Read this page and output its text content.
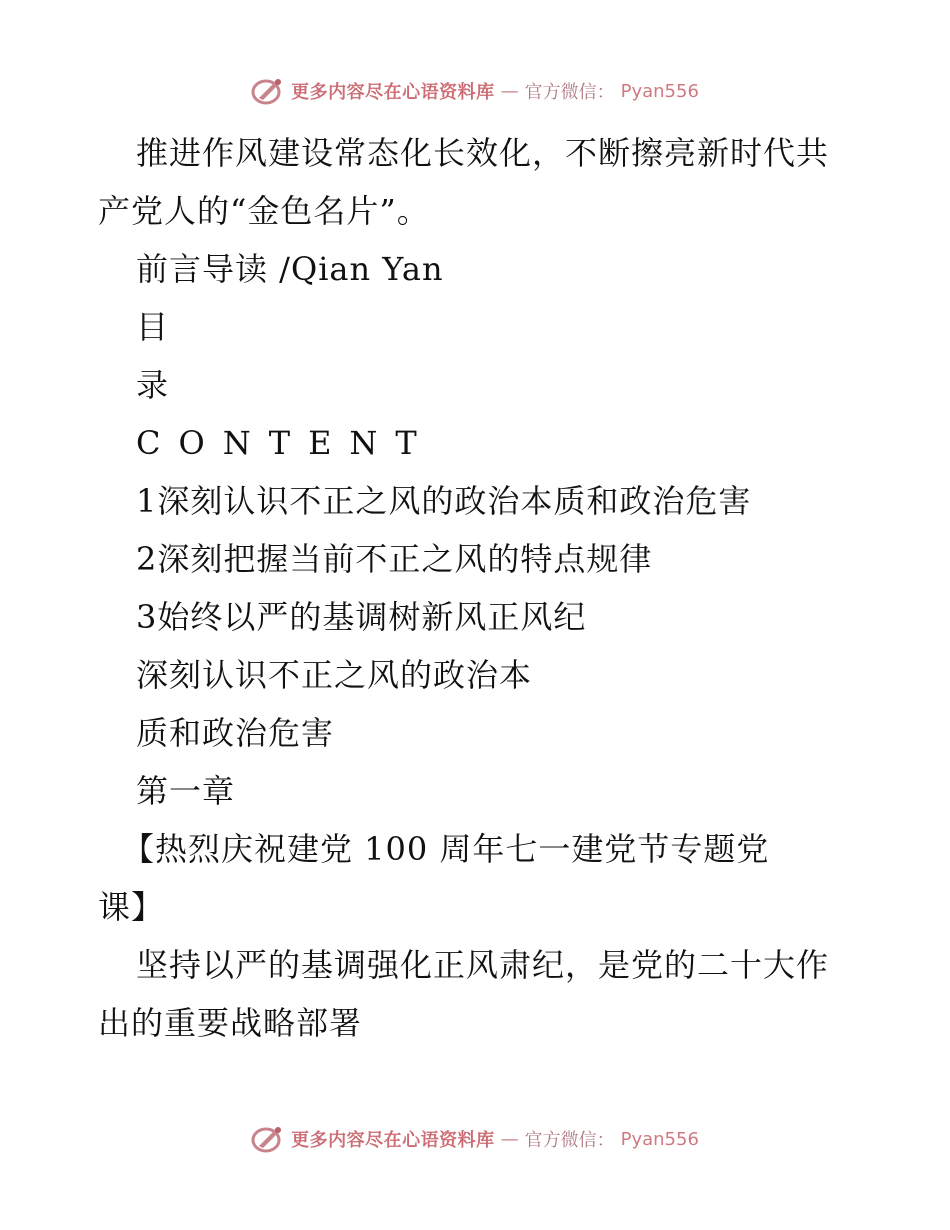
更多内容尽在心语资料库 — 官方微信： Pyan556
推进作风建设常态化长效化，不断擦亮新时代共
产党人的“金色名片”。
前言导读 /Qian Yan
目
录
CONTENT
1深刻认识不正之风的政治本质和政治危害
2深刻把握当前不正之风的特点规律
3始终以严的基调树新风正风纪
深刻认识不正之风的政治本
质和政治危害
第一章
【热烈庆祝建党 100 周年七一建党节专题党
课】
坚持以严的基调强化正风肃纪，是党的二十大作
出的重要战略部署
更多内容尽在心语资料库 — 官方微信： Pyan556
